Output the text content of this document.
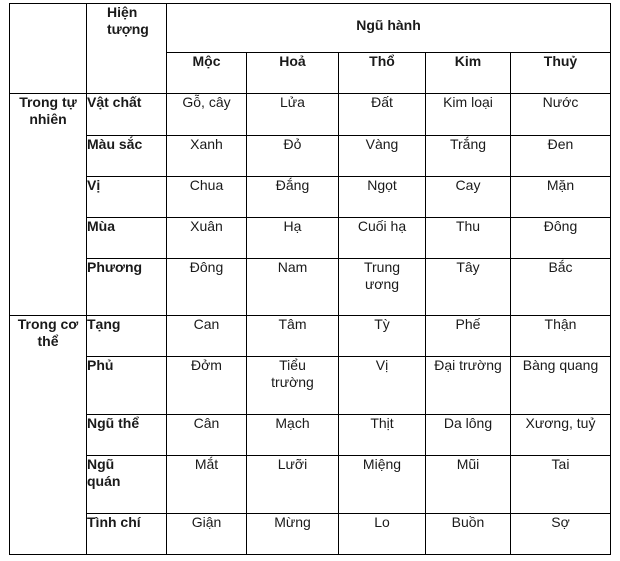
	Hiện tượng	Ngũ hành				
		Mộc	Hoả	Thổ	Kim	Thuỷ
Trong tự nhiên	Vật chất	Gỗ, cây	Lửa	Đất	Kim loại	Nước
	Màu sắc	Xanh	Đỏ	Vàng	Trắng	Đen
	Vị	Chua	Đắng	Ngọt	Cay	Mặn
	Mùa	Xuân	Hạ	Cuối hạ	Thu	Đông
	Phương	Đông	Nam	Trung ương	Tây	Bắc
Trong cơ thể	Tạng	Can	Tâm	Tỳ	Phế	Thận
	Phủ	Đởm	Tiểu trường	Vị	Đại trường	Bàng quang
	Ngũ thể	Cân	Mạch	Thịt	Da lông	Xương, tuỷ
	Ngũ quán	Mắt	Lưỡi	Miệng	Mũi	Tai
	Tình chí	Giận	Mừng	Lo	Buồn	Sợ
